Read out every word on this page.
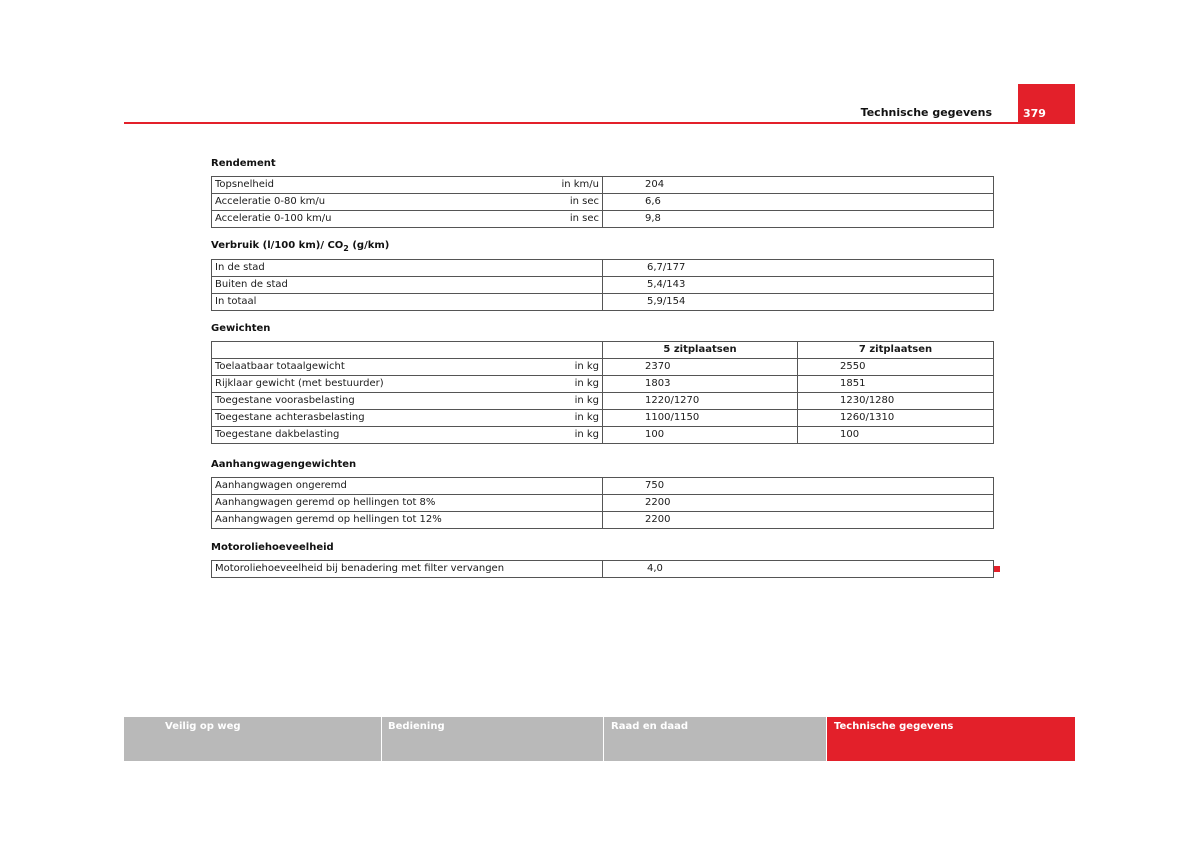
Technische gegevens	379
Rendement
Topsnelheid in km/u	204

Acceleratie 0-80 km/u in sec	6,6

Acceleratie 0-100 km/u in sec	9,8
Verbruik (l/100 km)/ $CO_2$ (g/km)
In de stad	6,7/177
Buiten de stad	5,4/143
In totaal	5,9/154
Gewichten
	5 zitplaatsen	7 zitplaatsen

Toelaatbaar totaalgewicht in kg	2370	2550

Rijklaar gewicht (met bestuurder) in kg	1803	1851

Toegestane voorasbelasting in kg	1220/1270	1230/1280

Toegestane achterasbelasting in kg	1100/1150	1260/1310

Toegestane dakbelasting in kg	100	100
Aanhangwagengewichten
Aanhangwagen ongeremd	750
Aanhangwagen geremd op hellingen tot 8%	2200
Aanhangwagen geremd op hellingen tot 12%	2200
Motoroliehoeveelheid
Motoroliehoeveelheid bij benadering met filter vervangen	4,0
Veilig op weg	Bediening	Raad en daad	Technische gegevens
